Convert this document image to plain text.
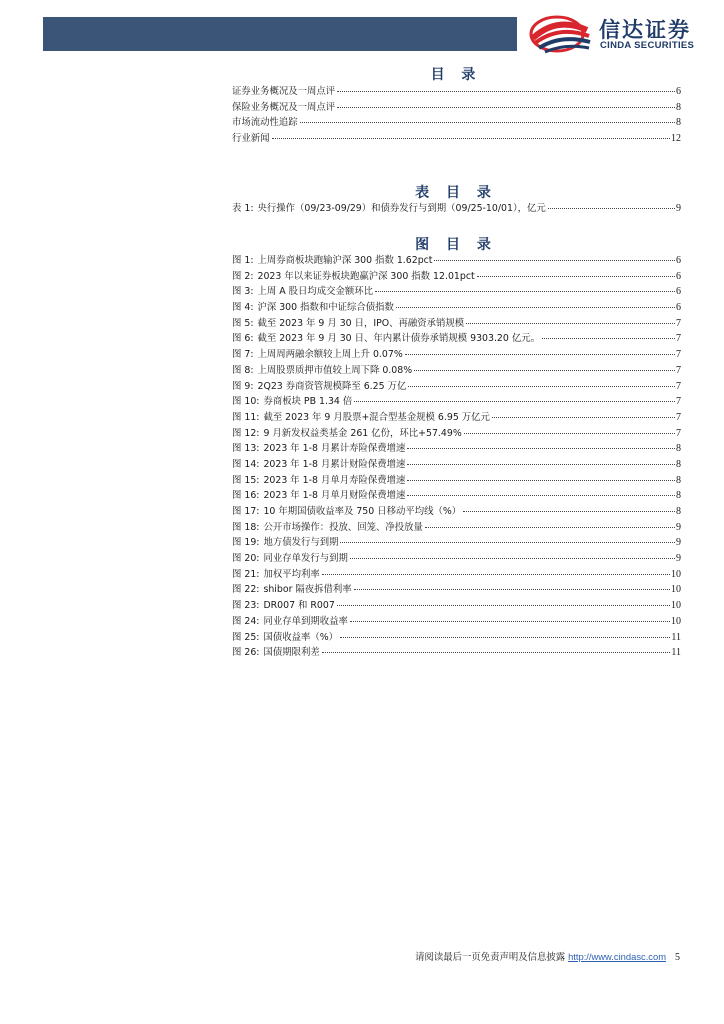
信达证券
CINDA SECURITIES
目 录
证券业务概况及一周点评	6
保险业务概况及一周点评	8
市场流动性追踪	8
行业新闻	12
表 目 录
表 1: 央行操作（09/23-09/29）和债券发行与到期（09/25-10/01），亿元	9
图 目 录
图 1: 上周券商板块跑输沪深 300 指数 1.62pct	6
图 2: 2023 年以来证券板块跑赢沪深 300 指数 12.01pct	6
图 3: 上周 A 股日均成交金额环比	6
图 4: 沪深 300 指数和中证综合债指数	6
图 5: 截至 2023 年 9 月 30 日，IPO、再融资承销规模	7
图 6: 截至 2023 年 9 月 30 日、年内累计债券承销规模 9303.20 亿元。	7
图 7: 上周周两融余额较上周上升 0.07%	7
图 8: 上周股票质押市值较上周下降 0.08%	7
图 9: 2Q23 券商资管规模降至 6.25 万亿	7
图 10: 券商板块 PB 1.34 倍	7
图 11: 截至 2023 年 9 月股票+混合型基金规模 6.95 万亿元	7
图 12: 9 月新发权益类基金 261 亿份，环比+57.49%	7
图 13: 2023 年 1-8 月累计寿险保费增速	8
图 14: 2023 年 1-8 月累计财险保费增速	8
图 15: 2023 年 1-8 月单月寿险保费增速	8
图 16: 2023 年 1-8 月单月财险保费增速	8
图 17: 10 年期国债收益率及 750 日移动平均线（%）	8
图 18: 公开市场操作：投放、回笼、净投放量	9
图 19: 地方债发行与到期	9
图 20: 同业存单发行与到期	9
图 21: 加权平均利率	10
图 22: shibor 隔夜拆借利率	10
图 23: DR007 和 R007	10
图 24: 同业存单到期收益率	10
图 25: 国债收益率（%）	11
图 26: 国债期限利差	11
请阅读最后一页免责声明及信息披露 http://www.cindasc.com 5
